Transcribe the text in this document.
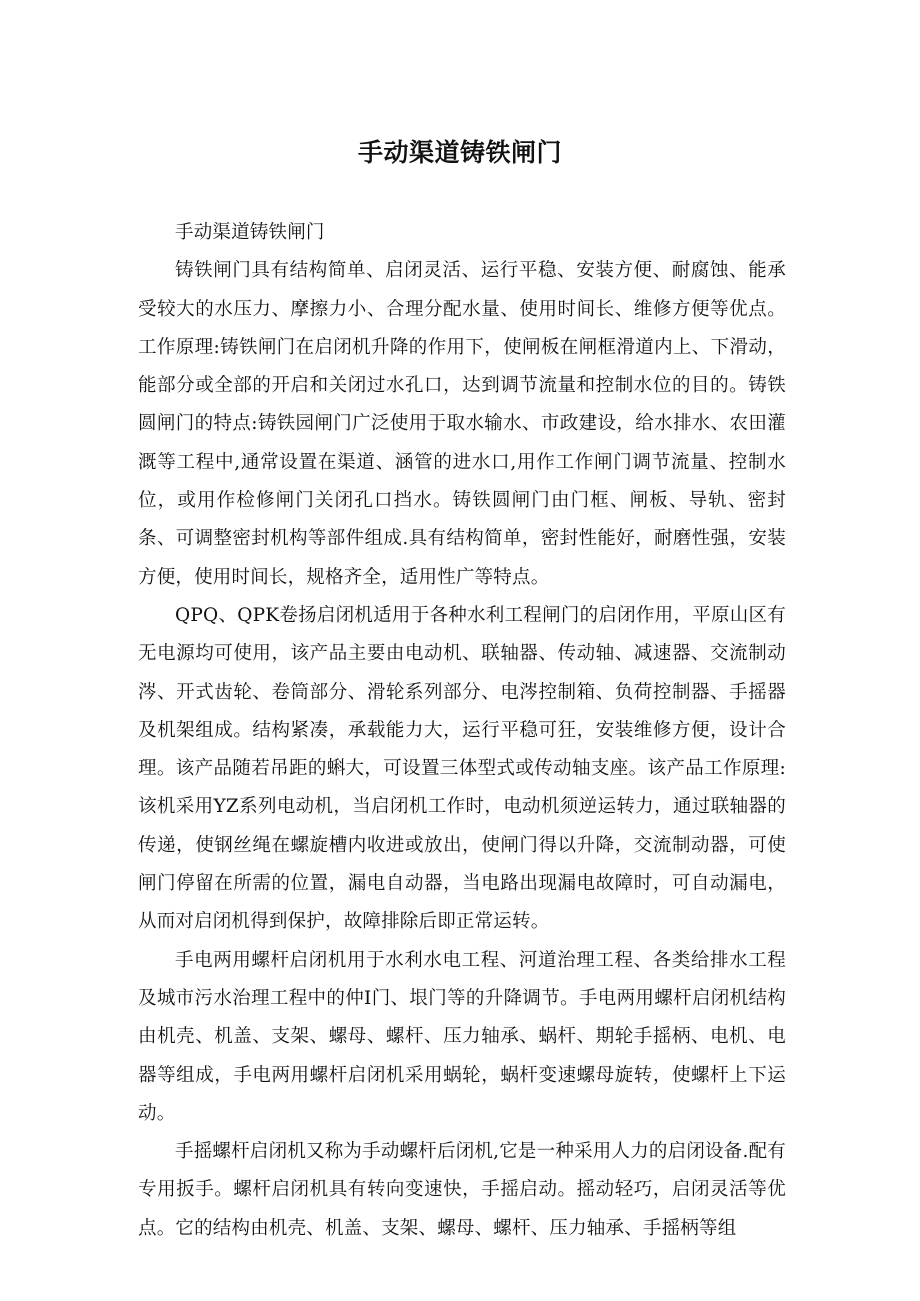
手动渠道铸铁闸门

手动渠道铸铁闸门

铸铁闸门具有结构简单、启闭灵活、运行平稳、安装方便、耐腐蚀、能承受较大的水压力、摩擦力小、合理分配水量、使用时间长、维修方便等优点。工作原理:铸铁闸门在启闭机升降的作用下，使闸板在闸框滑道内上、下滑动，能部分或全部的开启和关闭过水孔口，达到调节流量和控制水位的目的。铸铁圆闸门的特点:铸铁园闸门广泛使用于取水输水、市政建设，给水排水、农田灌溉等工程中,通常设置在渠道、涵管的进水口,用作工作闸门调节流量、控制水位，或用作检修闸门关闭孔口挡水。铸铁圆闸门由门框、闸板、导轨、密封条、可调整密封机构等部件组成.具有结构简单，密封性能好，耐磨性强，安装方便，使用时间长，规格齐全，适用性广等特点。

QPQ、QPK卷扬启闭机适用于各种水利工程闸门的启闭作用，平原山区有无电源均可使用，该产品主要由电动机、联轴器、传动轴、减速器、交流制动涔、开式齿轮、卷筒部分、滑轮系列部分、电涔控制箱、负荷控制器、手摇器及机架组成。结构紧凑，承载能力大，运行平稳可狂，安装维修方便，设计合理。该产品随若吊距的蝌大，可设置三体型式或传动轴支座。该产品工作原理:该机采用YZ系列电动机，当启闭机工作时，电动机须逆运转力，通过联轴器的传递，使钢丝绳在螺旋槽内收进或放出，使闸门得以升降，交流制动器，可使闸门停留在所需的位置，漏电自动器，当电路出现漏电故障时，可自动漏电，从而对启闭机得到保护，故障排除后即正常运转。

手电两用螺杆启闭机用于水利水电工程、河道治理工程、各类给排水工程及城市污水治理工程中的仲I门、垠门等的升降调节。手电两用螺杆启闭机结构由机壳、机盖、支架、螺母、螺杆、压力轴承、蜗杆、期轮手摇柄、电机、电器等组成，手电两用螺杆启闭机采用蜗轮，蜗杆变速螺母旋转，使螺杆上下运动。

手摇螺杆启闭机又称为手动螺杆后闭机,它是一种采用人力的启闭设备.配有专用扳手。螺杆启闭机具有转向变速快，手摇启动。摇动轻巧，启闭灵活等优点。它的结构由机壳、机盖、支架、螺母、螺杆、压力轴承、手摇柄等组
